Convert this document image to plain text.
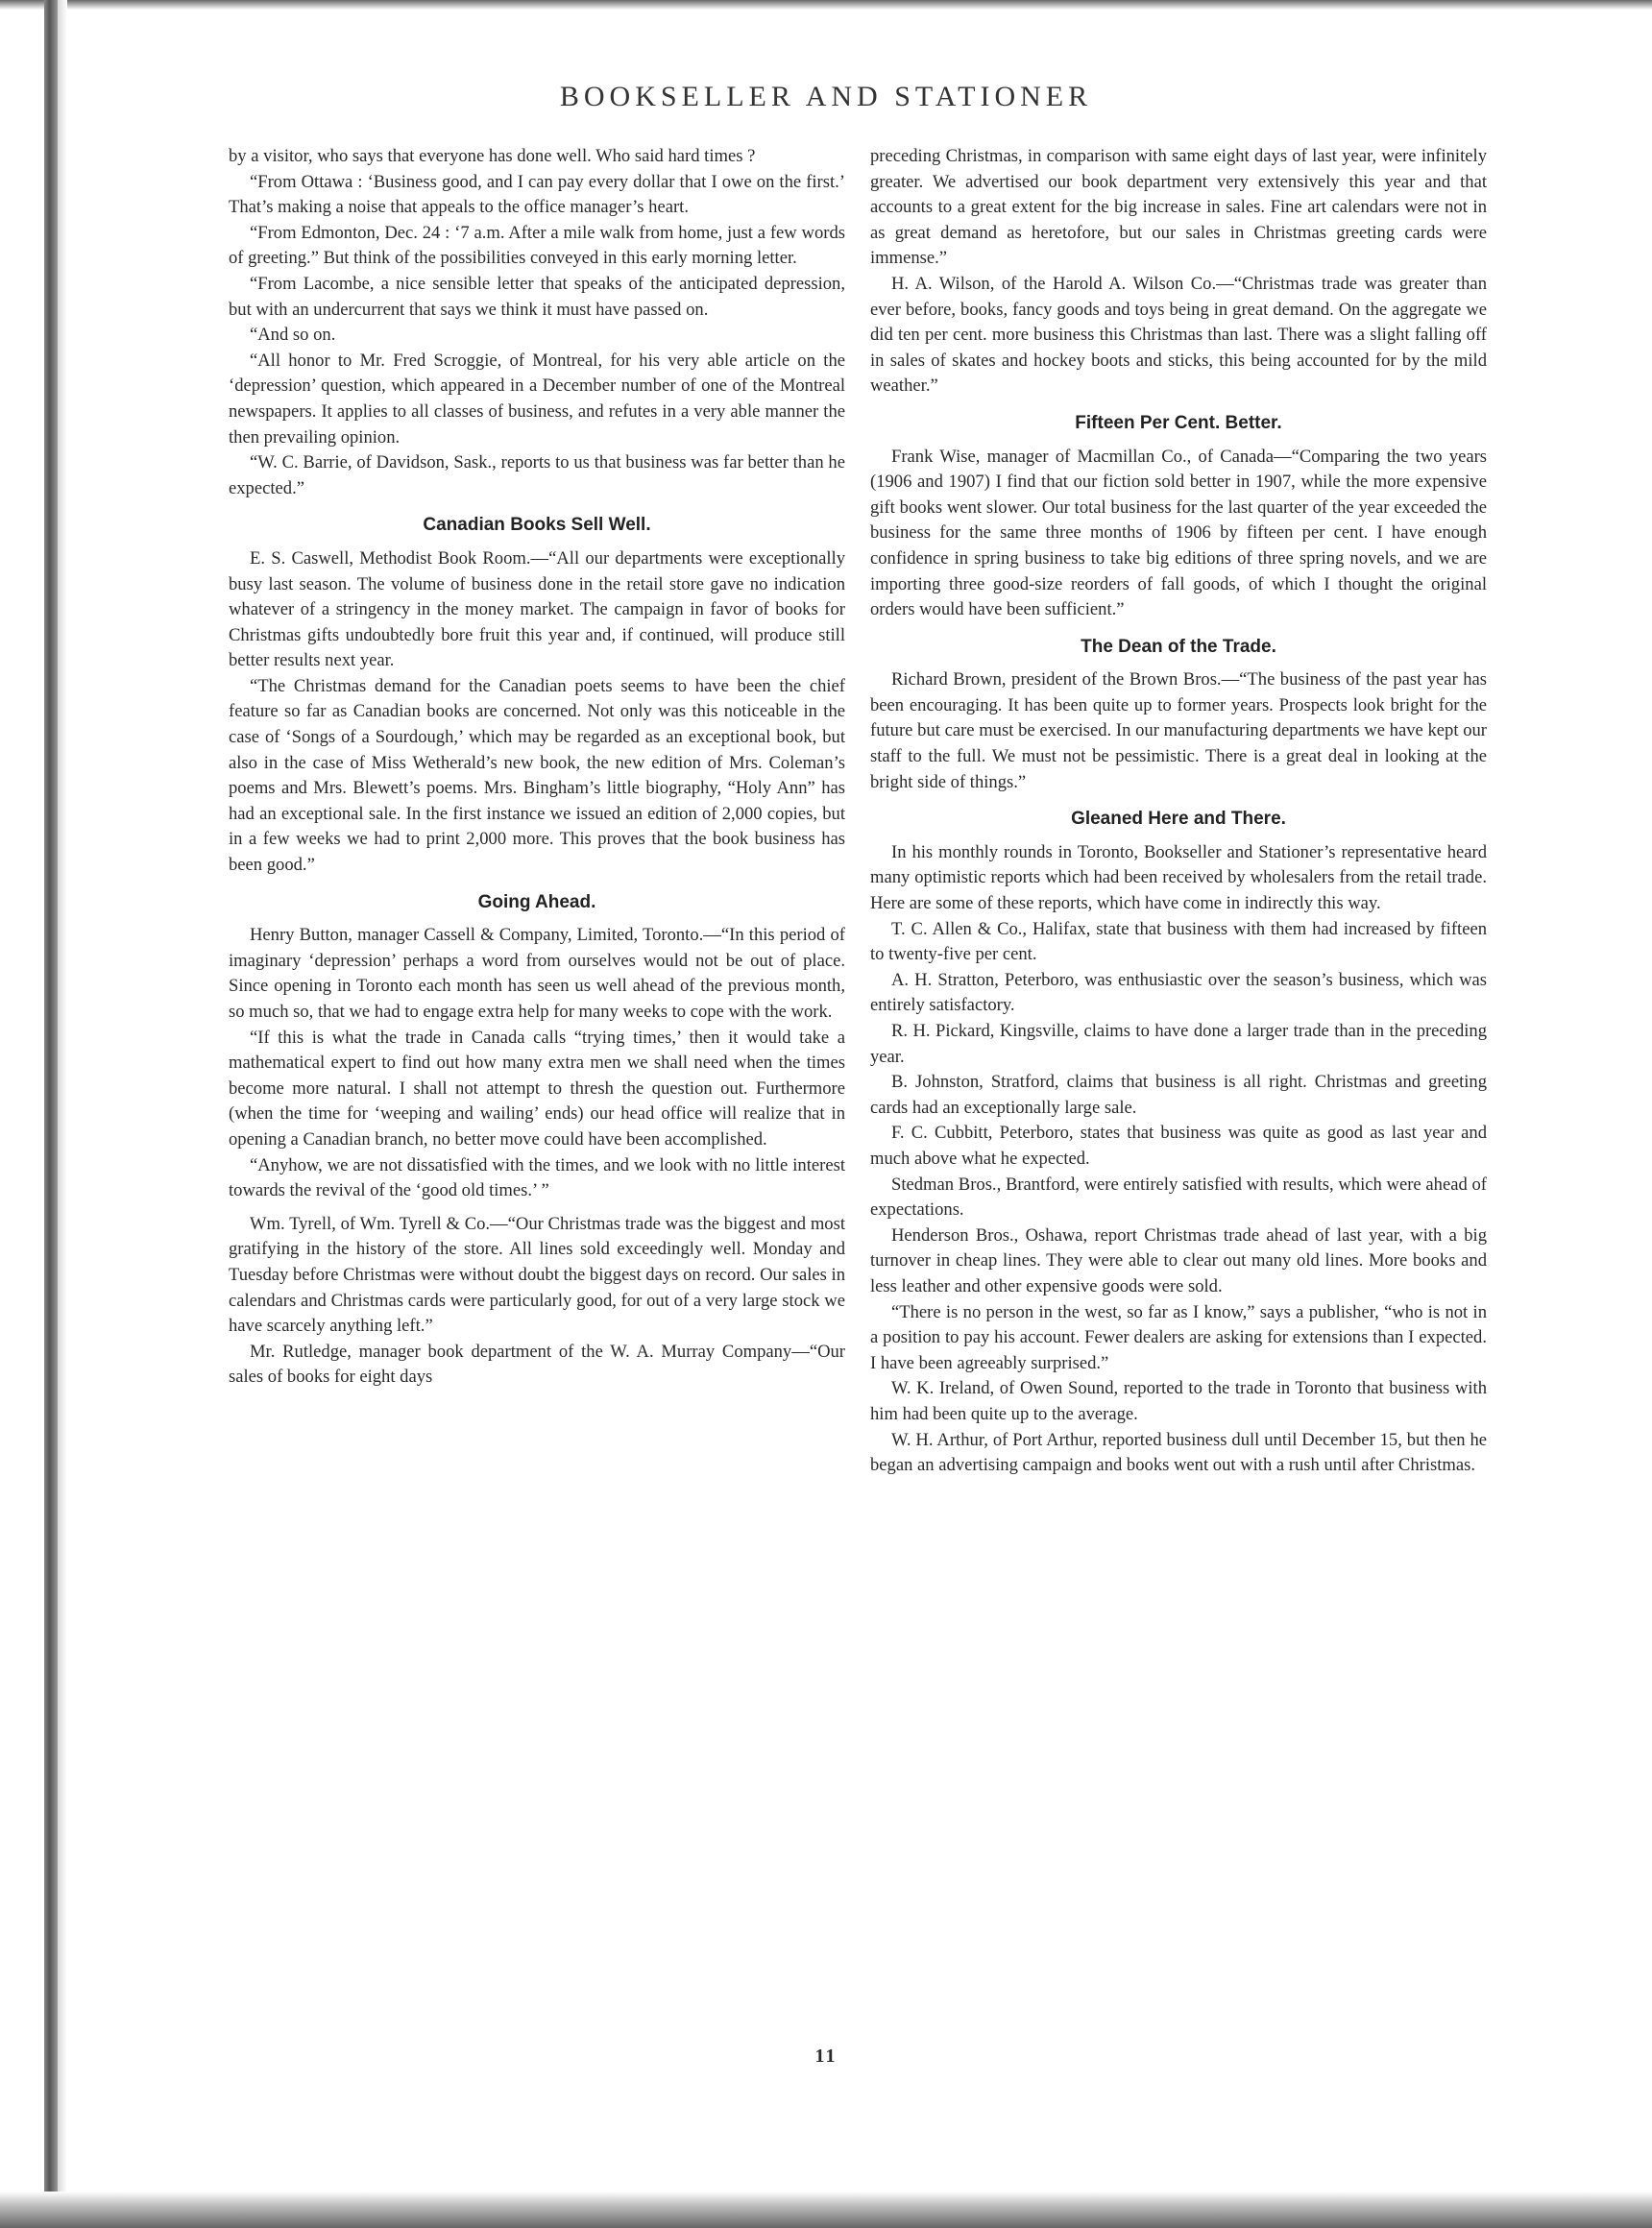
BOOKSELLER AND STATIONER

by a visitor, who says that everyone has done well. Who said hard times ?

“From Ottawa : ‘Business good, and I can pay every dollar that I owe on the first.’ That’s making a noise that appeals to the office manager’s heart.

“From Edmonton, Dec. 24 : ‘7 a.m. After a mile walk from home, just a few words of greeting.” But think of the possibilities conveyed in this early morning letter.

“From Lacombe, a nice sensible letter that speaks of the anticipated depression, but with an undercurrent that says we think it must have passed on.

“And so on.

“All honor to Mr. Fred Scroggie, of Montreal, for his very able article on the ‘depression’ question, which appeared in a December number of one of the Montreal newspapers. It applies to all classes of business, and refutes in a very able manner the then prevailing opinion.

“W. C. Barrie, of Davidson, Sask., reports to us that business was far better than he expected.”

Canadian Books Sell Well.

E. S. Caswell, Methodist Book Room.—“All our departments were exceptionally busy last season. The volume of business done in the retail store gave no indication whatever of a stringency in the money market. The campaign in favor of books for Christmas gifts undoubtedly bore fruit this year and, if continued, will produce still better results next year.

“The Christmas demand for the Canadian poets seems to have been the chief feature so far as Canadian books are concerned. Not only was this noticeable in the case of ‘Songs of a Sourdough,’ which may be regarded as an exceptional book, but also in the case of Miss Wetherald’s new book, the new edition of Mrs. Coleman’s poems and Mrs. Blewett’s poems. Mrs. Bingham’s little biography, “Holy Ann” has had an exceptional sale. In the first instance we issued an edition of 2,000 copies, but in a few weeks we had to print 2,000 more. This proves that the book business has been good.”

Going Ahead.

Henry Button, manager Cassell & Company, Limited, Toronto.—“In this period of imaginary ‘depression’ perhaps a word from ourselves would not be out of place. Since opening in Toronto each month has seen us well ahead of the previous month, so much so, that we had to engage extra help for many weeks to cope with the work.

“If this is what the trade in Canada calls “trying times,’ then it would take a mathematical expert to find out how many extra men we shall need when the times become more natural. I shall not attempt to thresh the question out. Furthermore (when the time for ‘weeping and wailing’ ends) our head office will realize that in opening a Canadian branch, no better move could have been accomplished.

“Anyhow, we are not dissatisfied with the times, and we look with no little interest towards the revival of the ‘good old times.’ ”

Wm. Tyrell, of Wm. Tyrell & Co.—“Our Christmas trade was the biggest and most gratifying in the history of the store. All lines sold exceedingly well. Monday and Tuesday before Christmas were without doubt the biggest days on record. Our sales in calendars and Christmas cards were particularly good, for out of a very large stock we have scarcely anything left.”

Mr. Rutledge, manager book department of the W. A. Murray Company—“Our sales of books for eight days

preceding Christmas, in comparison with same eight days of last year, were infinitely greater. We advertised our book department very extensively this year and that accounts to a great extent for the big increase in sales. Fine art calendars were not in as great demand as heretofore, but our sales in Christmas greeting cards were immense.”

H. A. Wilson, of the Harold A. Wilson Co.—“Christmas trade was greater than ever before, books, fancy goods and toys being in great demand. On the aggregate we did ten per cent. more business this Christmas than last. There was a slight falling off in sales of skates and hockey boots and sticks, this being accounted for by the mild weather.”

Fifteen Per Cent. Better.

Frank Wise, manager of Macmillan Co., of Canada—“Comparing the two years (1906 and 1907) I find that our fiction sold better in 1907, while the more expensive gift books went slower. Our total business for the last quarter of the year exceeded the business for the same three months of 1906 by fifteen per cent. I have enough confidence in spring business to take big editions of three spring novels, and we are importing three good-size reorders of fall goods, of which I thought the original orders would have been sufficient.”

The Dean of the Trade.

Richard Brown, president of the Brown Bros.—“The business of the past year has been encouraging. It has been quite up to former years. Prospects look bright for the future but care must be exercised. In our manufacturing departments we have kept our staff to the full. We must not be pessimistic. There is a great deal in looking at the bright side of things.”

Gleaned Here and There.

In his monthly rounds in Toronto, Bookseller and Stationer’s representative heard many optimistic reports which had been received by wholesalers from the retail trade. Here are some of these reports, which have come in indirectly this way.

T. C. Allen & Co., Halifax, state that business with them had increased by fifteen to twenty-five per cent.

A. H. Stratton, Peterboro, was enthusiastic over the season’s business, which was entirely satisfactory.

R. H. Pickard, Kingsville, claims to have done a larger trade than in the preceding year.

B. Johnston, Stratford, claims that business is all right. Christmas and greeting cards had an exceptionally large sale.

F. C. Cubbitt, Peterboro, states that business was quite as good as last year and much above what he expected.

Stedman Bros., Brantford, were entirely satisfied with results, which were ahead of expectations.

Henderson Bros., Oshawa, report Christmas trade ahead of last year, with a big turnover in cheap lines. They were able to clear out many old lines. More books and less leather and other expensive goods were sold.

“There is no person in the west, so far as I know,” says a publisher, “who is not in a position to pay his account. Fewer dealers are asking for extensions than I expected. I have been agreeably surprised.”

W. K. Ireland, of Owen Sound, reported to the trade in Toronto that business with him had been quite up to the average.

W. H. Arthur, of Port Arthur, reported business dull until December 15, but then he began an advertising campaign and books went out with a rush until after Christmas.

11
